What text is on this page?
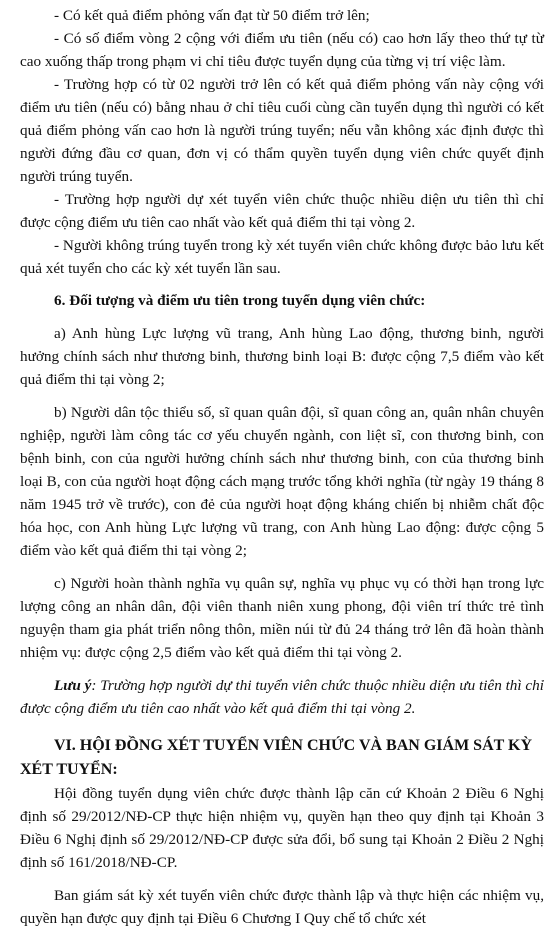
- Có kết quả điểm phỏng vấn đạt từ 50 điểm trở lên;

- Có số điểm vòng 2 cộng với điểm ưu tiên (nếu có) cao hơn lấy theo thứ tự từ cao xuống thấp trong phạm vi chỉ tiêu được tuyển dụng của từng vị trí việc làm.

- Trường hợp có từ 02 người trở lên có kết quả điểm phỏng vấn này cộng với điểm ưu tiên (nếu có) bằng nhau ở chỉ tiêu cuối cùng cần tuyển dụng thì người có kết quả điểm phỏng vấn cao hơn là người trúng tuyển; nếu vẫn không xác định được thì người đứng đầu cơ quan, đơn vị có thẩm quyền tuyển dụng viên chức quyết định người trúng tuyển.

- Trường hợp người dự xét tuyển viên chức thuộc nhiều diện ưu tiên thì chỉ được cộng điểm ưu tiên cao nhất vào kết quả điểm thi tại vòng 2.

- Người không trúng tuyển trong kỳ xét tuyển viên chức không được bảo lưu kết quả xét tuyển cho các kỳ xét tuyển lần sau.

6. Đối tượng và điểm ưu tiên trong tuyển dụng viên chức:

a) Anh hùng Lực lượng vũ trang, Anh hùng Lao động, thương binh, người hưởng chính sách như thương binh, thương binh loại B: được cộng 7,5 điểm vào kết quả điểm thi tại vòng 2;

b) Người dân tộc thiểu số, sĩ quan quân đội, sĩ quan công an, quân nhân chuyên nghiệp, người làm công tác cơ yếu chuyển ngành, con liệt sĩ, con thương binh, con bệnh binh, con của người hưởng chính sách như thương binh, con của thương binh loại B, con của người hoạt động cách mạng trước tổng khởi nghĩa (từ ngày 19 tháng 8 năm 1945 trở về trước), con đẻ của người hoạt động kháng chiến bị nhiễm chất độc hóa học, con Anh hùng Lực lượng vũ trang, con Anh hùng Lao động: được cộng 5 điểm vào kết quả điểm thi tại vòng 2;

c) Người hoàn thành nghĩa vụ quân sự, nghĩa vụ phục vụ có thời hạn trong lực lượng công an nhân dân, đội viên thanh niên xung phong, đội viên trí thức trẻ tình nguyện tham gia phát triển nông thôn, miền núi từ đủ 24 tháng trở lên đã hoàn thành nhiệm vụ: được cộng 2,5 điểm vào kết quả điểm thi tại vòng 2.

Lưu ý: Trường hợp người dự thi tuyển viên chức thuộc nhiều diện ưu tiên thì chỉ được cộng điểm ưu tiên cao nhất vào kết quả điểm thi tại vòng 2.

VI. HỘI ĐỒNG XÉT TUYỂN VIÊN CHỨC VÀ BAN GIÁM SÁT KỲ XÉT TUYỂN:

Hội đồng tuyển dụng viên chức được thành lập căn cứ Khoản 2 Điều 6 Nghị định số 29/2012/NĐ-CP thực hiện nhiệm vụ, quyền hạn theo quy định tại Khoản 3 Điều 6 Nghị định số 29/2012/NĐ-CP được sửa đổi, bổ sung tại Khoản 2 Điều 2 Nghị định số 161/2018/NĐ-CP.

Ban giám sát kỳ xét tuyển viên chức được thành lập và thực hiện các nhiệm vụ, quyền hạn được quy định tại Điều 6 Chương I Quy chế tổ chức xét
